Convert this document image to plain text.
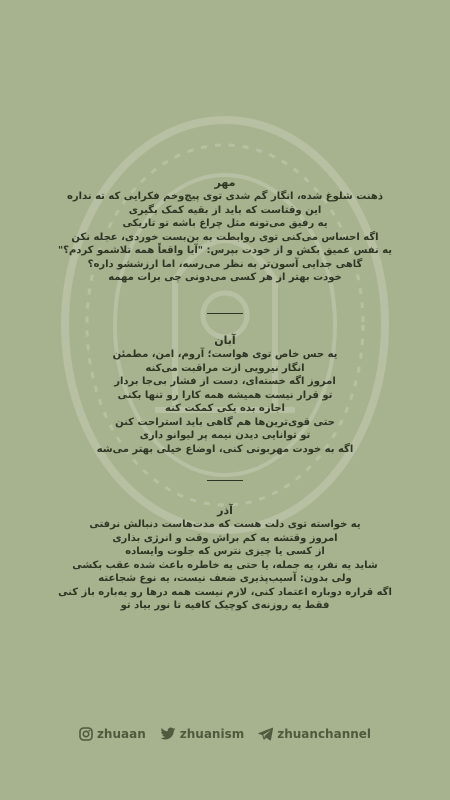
مهر

ذهنت شلوغ شده، انگار گم شدی توی پیچ‌وخم فکرایی که ته نداره

این وقتاست که باید از بقیه کمک بگیری

یه رفیق می‌تونه مثل چراغ باشه تو تاریکی

اگه احساس می‌کنی توی روابطت به بن‌بست خوردی، عجله نکن

یه نفس عمیق بکش و از خودت بپرس: "آیا واقعاً همه تلاشمو کردم؟"

گاهی جدایی آسون‌تر به نظر می‌رسه، اما ارزششو داره؟

خودت بهتر از هر کسی می‌دونی چی برات مهمه

آبان

یه حس خاص توی هواست؛ آروم، امن، مطمئن

انگار نیرویی ازت مراقبت می‌کنه

امروز اگه خسته‌ای، دست از فشار بی‌جا بردار

تو قرار نیست همیشه همه کارا رو تنها بکنی

اجازه بده یکی کمکت کنه

حتی قوی‌ترین‌ها هم گاهی باید استراحت کنن

تو توانایی دیدن نیمه پر لیوانو داری

اگه به خودت مهربونی کنی، اوضاع خیلی بهتر می‌شه

آذر

یه خواسته توی دلت هست که مدت‌هاست دنبالش نرفتی

امروز وقتشه یه کم براش وقت و انرژی بذاری

از کسی یا چیزی نترس که جلوت وایساده

شاید یه نفر، یه جمله، یا حتی یه خاطره باعث شده عقب بکشی

ولی بدون: آسیب‌پذیری ضعف نیست، یه نوع شجاعته

اگه قراره دوباره اعتماد کنی، لازم نیست همه درها رو یه‌باره باز کنی

فقط یه روزنه‌ی کوچیک کافیه تا نور بیاد تو

zhuaan	zhuanism	zhuanchannel
